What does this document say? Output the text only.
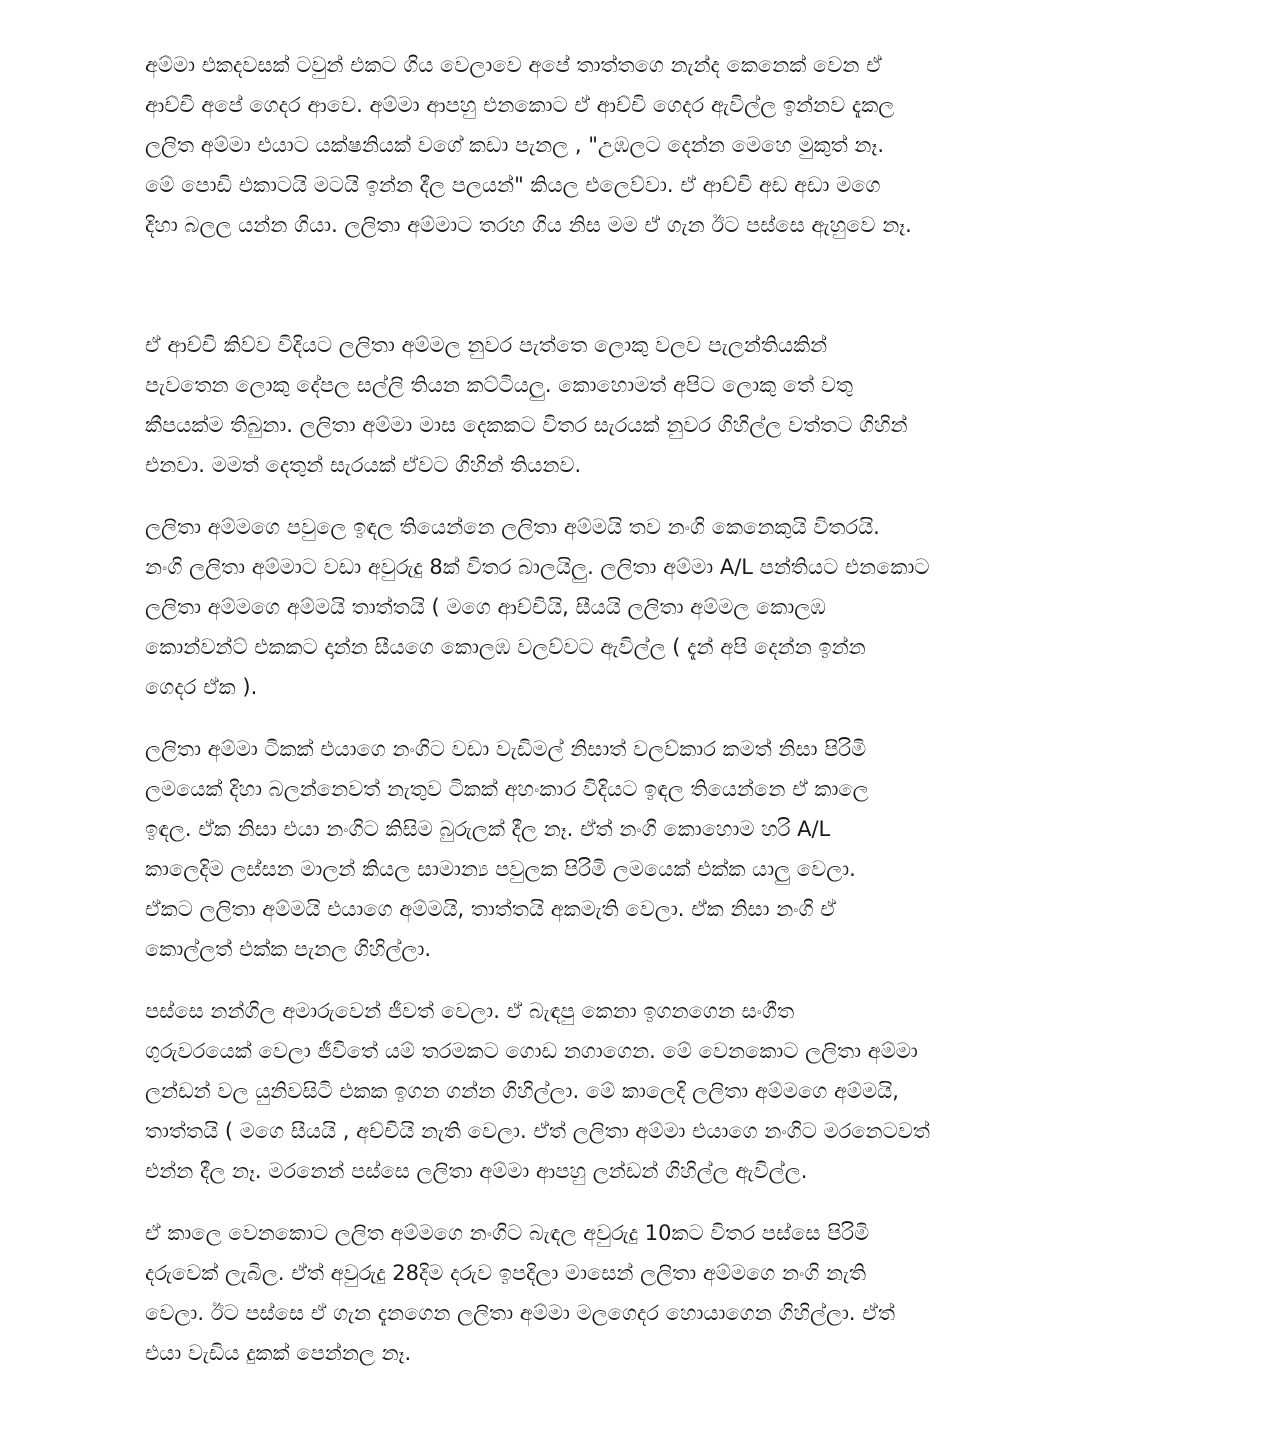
අම්මා එකදවසක් ටවුන් එකට ගිය වෙලාවෙ අපේ තාත්තගෙ නැන්ද කෙනෙක් වෙන ඒ
ආච්චි අපේ ගෙදර ආවෙ. අම්මා ආපහු එනකොට ඒ ආච්චි ගෙදර ඇවිල්ල ඉන්නව දැකල
ලලිත අම්මා එයාට යක්ෂනියක් වගේ කඩා පැනල , "උඹලට දෙන්න මෙහෙ මුකුත් නෑ.
මේ පොඩි එකාටයි මටයි ඉන්න දීල පලයන්" කියල එලෙව්වා. ඒ ආච්චි අඩ අඩා මගෙ
දිහා බලල යන්න ගියා. ලලිතා අම්මාට තරහ ගිය නිස මම ඒ ගැන ඊට පස්සෙ ඇහුවෙ නෑ.
ඒ ආච්චි කිව්ව විදියට ලලිතා අම්මල නුවර පැත්තෙ ලොකු වලව පැලන්තියකින්
පැවතෙන ලොකු දේපල සල්ලි තියන කට්ටියලු. කොහොමත් අපිට ලොකු තේ වතු
කීපයක්ම තිබුනා. ලලිතා අම්මා මාස දෙකකට විතර සැරයක් නුවර ගිහිල්ල වත්තට ගිහින්
එනවා. මමත් දෙතුන් සැරයක් ඒවට ගිහින් තියනව.
ලලිතා අම්මගෙ පවුලෙ ඉඳල තියෙන්නෙ ලලිතා අම්මයි තව නංගි කෙනෙකුයි විතරයි.
නංගි ලලිතා අම්මාට වඩා අවුරුදු 8ක් විතර බාලයිලු. ලලිතා අම්මා A/L පන්තියට එනකොට
ලලිතා අම්මගෙ අම්මයි තාත්තයි ( මගෙ ආච්චියි, සීයයි ලලිතා අම්මල කොලඹ
කොන්වන්ට් එකකට දාන්න සීයගෙ කොලඹ වලව්වට ඇවිල්ල ( දැන් අපි දෙන්න ඉන්න
ගෙදර ඒක ).
ලලිතා අම්මා ටිකක් එයාගෙ නංගිට වඩා වැඩිමල් නිසාත් වලව්කාර කමත් නිසා පිරිමි
ලමයෙක් දිහා බලන්නෙවත් නැතුව ටිකක් අහංකාර විදියට ඉඳල තියෙන්නෙ ඒ කාලෙ
ඉඳල. ඒක නිසා එයා නංගිට කිසිම බුරුලක් දීල නෑ. ඒත් නංගි කොහොම හරි A/L
කාලෙදිම ලස්සන මාලන් කියල සාමාන්‍ය පවුලක පිරිමි ලමයෙක් එක්ක යාලු වෙලා.
ඒකට ලලිතා අම්මයි එයාගෙ අම්මයි, තාත්තයි අකමැති වෙලා. ඒක නිසා නංගි ඒ
කොල්ලත් එක්ක පැනල ගිහිල්ලා.
පස්සෙ නන්ගිල අමාරුවෙන් ජීවත් වෙලා. ඒ බැඳපු කෙනා ඉගනගෙන සංගීත
ගුරුවරයෙක් වෙලා ජීවිතේ යම් තරමකට ගොඩ නගාගෙන. මේ වෙනකොට ලලිතා අම්මා
ලන්ඩන් වල යුනිවසිටි එකක ඉගන ගන්න ගිහිල්ලා. මේ කාලෙදි ලලිතා අම්මගෙ අම්මයි,
තාත්තයි ( මගෙ සීයයි , අච්චියි නැති වෙලා. ඒත් ලලිතා අම්මා එයාගෙ නංගිට මරනෙටවත්
එන්න දීල නෑ. මරනෙන් පස්සෙ ලලිතා අම්මා ආපහු ලන්ඩන් ගිහිල්ල ඇවිල්ල.
ඒ කාලෙ වෙනකොට ලලිත අම්මගෙ නංගිට බැඳල අවුරුදු 10කට විතර පස්සෙ පිරිමි
දරුවෙක් ලැබිල. ඒත් අවුරුදු 28දිම දරුව ඉපදිලා මාසෙන් ලලිතා අම්මගෙ නංගි නැති
වෙලා. ඊට පස්සෙ ඒ ගැන දැනගෙන ලලිතා අම්මා මලගෙදර හොයාගෙන ගිහිල්ලා. ඒත්
එයා වැඩිය දුකක් පෙන්නල නෑ.
